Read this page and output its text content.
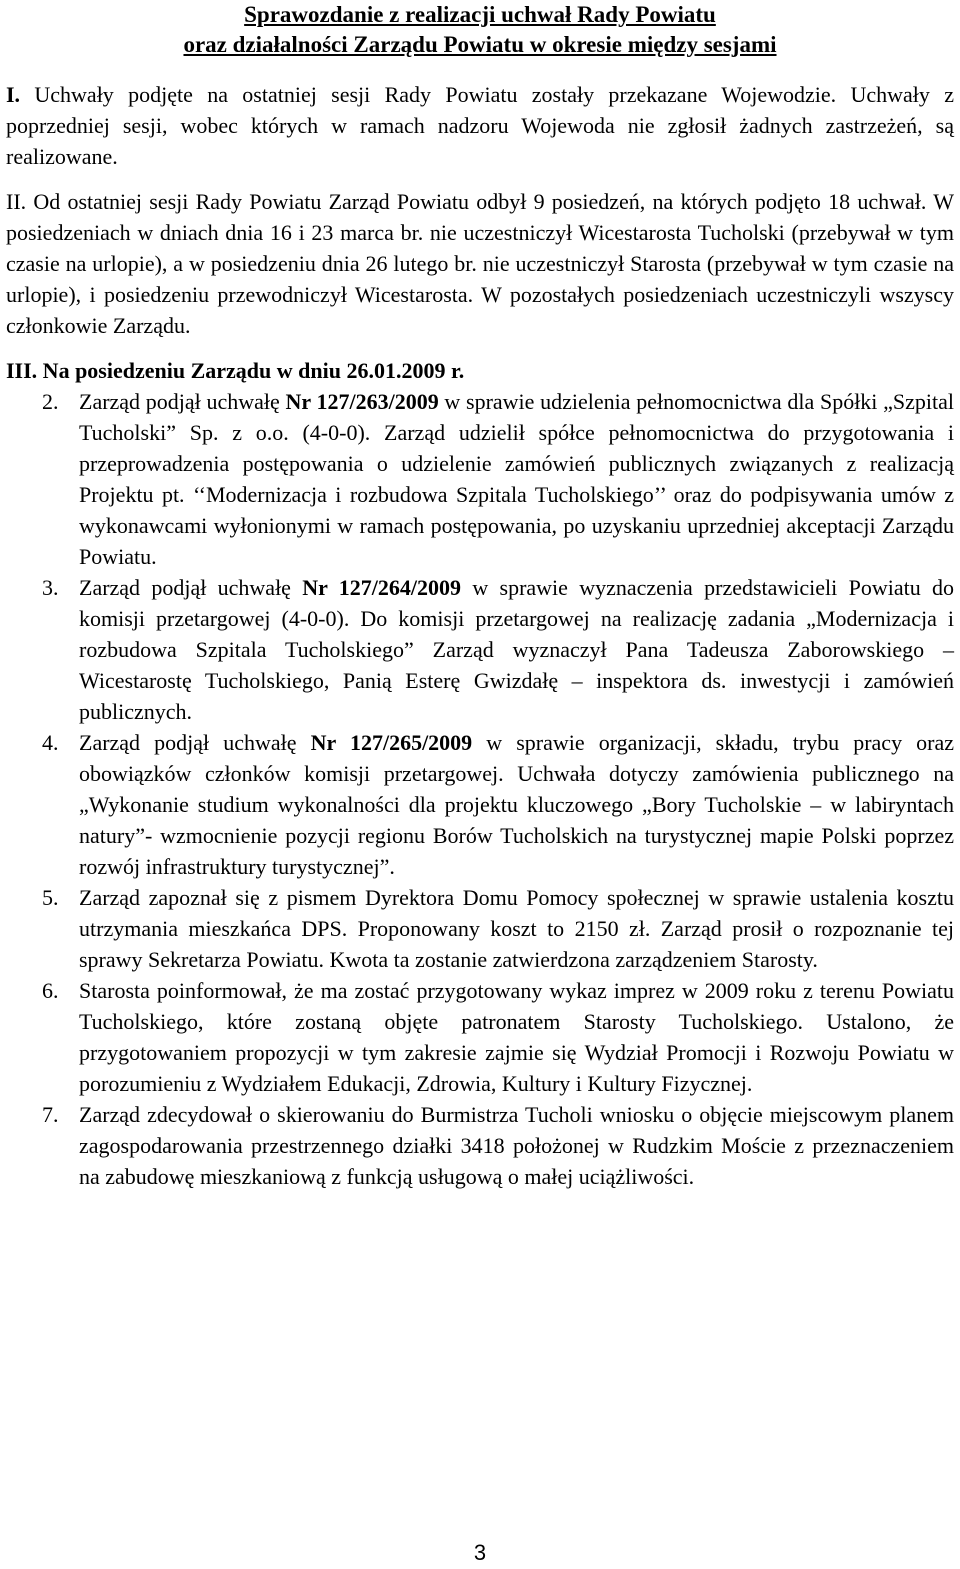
Sprawozdanie z realizacji uchwał Rady Powiatu
oraz działalności Zarządu Powiatu w okresie między sesjami

I. Uchwały podjęte na ostatniej sesji Rady Powiatu zostały przekazane Wojewodzie. Uchwały z poprzedniej sesji, wobec których w ramach nadzoru Wojewoda nie zgłosił żadnych zastrzeżeń, są realizowane.

II. Od ostatniej sesji Rady Powiatu Zarząd Powiatu odbył 9 posiedzeń, na których podjęto 18 uchwał. W posiedzeniach w dniach dnia 16 i 23 marca br. nie uczestniczył Wicestarosta Tucholski (przebywał w tym czasie na urlopie), a w posiedzeniu dnia 26 lutego br. nie uczestniczył Starosta (przebywał w tym czasie na urlopie), i posiedzeniu przewodniczył Wicestarosta. W pozostałych posiedzeniach uczestniczyli wszyscy członkowie Zarządu.

III. Na posiedzeniu Zarządu w dniu 26.01.2009 r.
2. Zarząd podjął uchwałę Nr 127/263/2009 w sprawie udzielenia pełnomocnictwa dla Spółki „Szpital Tucholski” Sp. z o.o. (4-0-0). Zarząd udzielił spółce pełnomocnictwa do przygotowania i przeprowadzenia postępowania o udzielenie zamówień publicznych związanych z realizacją Projektu pt. ‘‘Modernizacja i rozbudowa Szpitala Tucholskiego’’ oraz do podpisywania umów z wykonawcami wyłonionymi w ramach postępowania, po uzyskaniu uprzedniej akceptacji Zarządu Powiatu.
3. Zarząd podjął uchwałę Nr 127/264/2009 w sprawie wyznaczenia przedstawicieli Powiatu do komisji przetargowej (4-0-0). Do komisji przetargowej na realizację zadania „Modernizacja i rozbudowa Szpitala Tucholskiego” Zarząd wyznaczył Pana Tadeusza Zaborowskiego – Wicestarostę Tucholskiego, Panią Esterę Gwizdałę – inspektora ds. inwestycji i zamówień publicznych.
4. Zarząd podjął uchwałę Nr 127/265/2009 w sprawie organizacji, składu, trybu pracy oraz obowiązków członków komisji przetargowej. Uchwała dotyczy zamówienia publicznego na „Wykonanie studium wykonalności dla projektu kluczowego „Bory Tucholskie – w labiryntach natury”- wzmocnienie pozycji regionu Borów Tucholskich na turystycznej mapie Polski poprzez rozwój infrastruktury turystycznej”.
5. Zarząd zapoznał się z pismem Dyrektora Domu Pomocy społecznej w sprawie ustalenia kosztu utrzymania mieszkańca DPS. Proponowany koszt to 2150 zł. Zarząd prosił o rozpoznanie tej sprawy Sekretarza Powiatu. Kwota ta zostanie zatwierdzona zarządzeniem Starosty.
6. Starosta poinformował, że ma zostać przygotowany wykaz imprez w 2009 roku z terenu Powiatu Tucholskiego, które zostaną objęte patronatem Starosty Tucholskiego. Ustalono, że przygotowaniem propozycji w tym zakresie zajmie się Wydział Promocji i Rozwoju Powiatu w porozumieniu z Wydziałem Edukacji, Zdrowia, Kultury i Kultury Fizycznej.
7. Zarząd zdecydował o skierowaniu do Burmistrza Tucholi wniosku o objęcie miejscowym planem zagospodarowania przestrzennego działki 3418 położonej w Rudzkim Moście z przeznaczeniem na zabudowę mieszkaniową z funkcją usługową o małej uciążliwości.
3
